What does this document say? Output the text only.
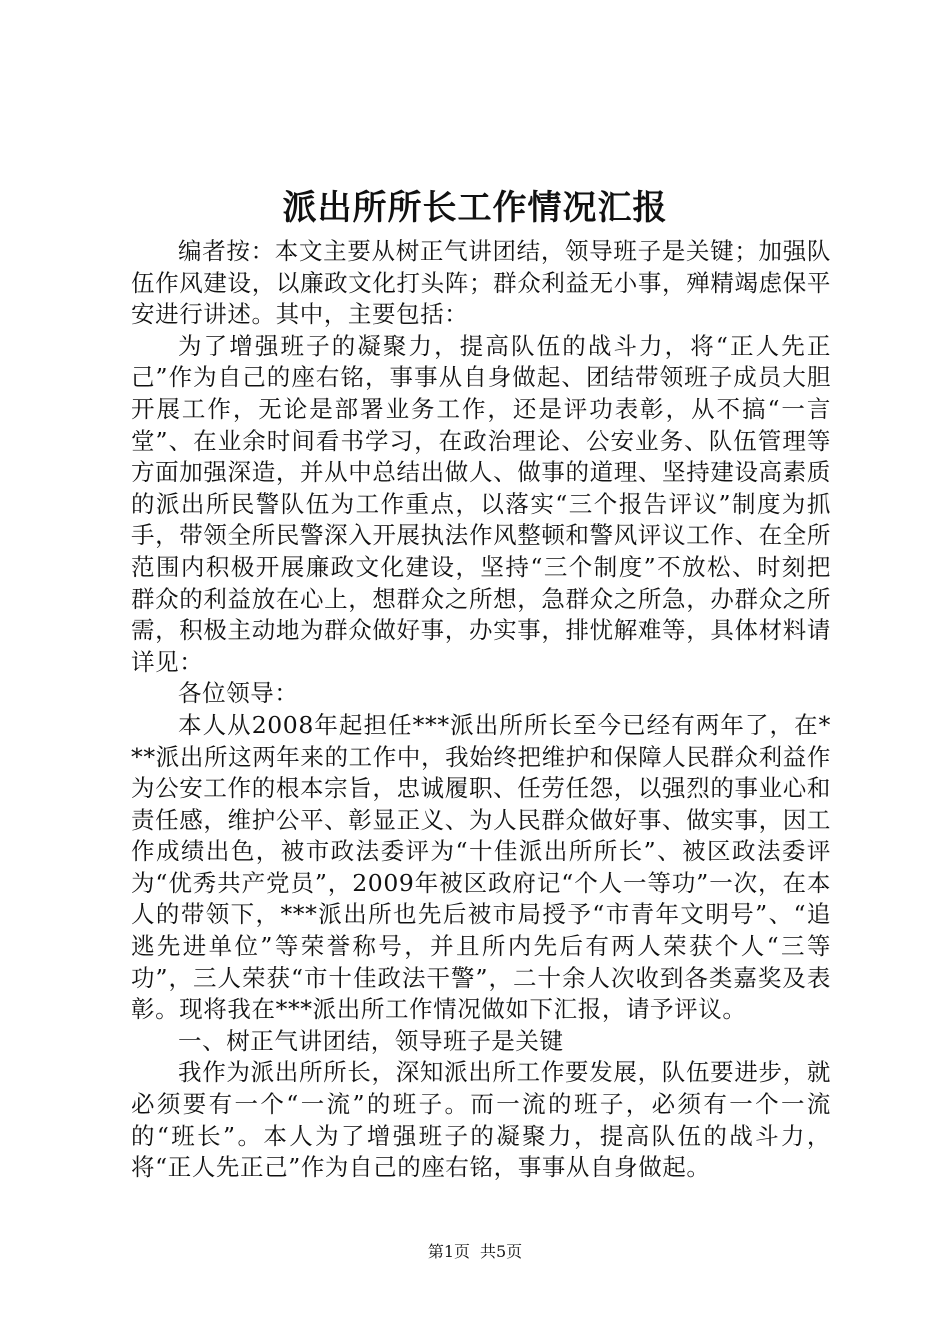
派出所所长工作情况汇报

编者按：本文主要从树正气讲团结，领导班子是关键；加强队伍作风建设，以廉政文化打头阵；群众利益无小事，殚精竭虑保平安进行讲述。其中，主要包括：

为了增强班子的凝聚力，提高队伍的战斗力，将“正人先正己”作为自己的座右铭，事事从自身做起、团结带领班子成员大胆开展工作，无论是部署业务工作，还是评功表彰，从不搞“一言堂”、在业余时间看书学习，在政治理论、公安业务、队伍管理等方面加强深造，并从中总结出做人、做事的道理、坚持建设高素质的派出所民警队伍为工作重点，以落实“三个报告评议”制度为抓手，带领全所民警深入开展执法作风整顿和警风评议工作、在全所范围内积极开展廉政文化建设，坚持“三个制度”不放松、时刻把群众的利益放在心上，想群众之所想，急群众之所急，办群众之所需，积极主动地为群众做好事，办实事，排忧解难等，具体材料请详见：

各位领导：

本人从2008年起担任***派出所所长至今已经有两年了，在***派出所这两年来的工作中，我始终把维护和保障人民群众利益作为公安工作的根本宗旨，忠诚履职、任劳任怨，以强烈的事业心和责任感，维护公平、彰显正义、为人民群众做好事、做实事，因工作成绩出色，被市政法委评为“十佳派出所所长”、被区政法委评为“优秀共产党员”，2009年被区政府记“个人一等功”一次，在本人的带领下，***派出所也先后被市局授予“市青年文明号”、“追逃先进单位”等荣誉称号，并且所内先后有两人荣获个人“三等功”，三人荣获“市十佳政法干警”，二十余人次收到各类嘉奖及表彰。现将我在***派出所工作情况做如下汇报，请予评议。

一、树正气讲团结，领导班子是关键

我作为派出所所长，深知派出所工作要发展，队伍要进步，就必须要有一个“一流”的班子。而一流的班子，必须有一个一流的“班长”。本人为了增强班子的凝聚力，提高队伍的战斗力，将“正人先正己”作为自己的座右铭，事事从自身做起。

第1页 共5页
